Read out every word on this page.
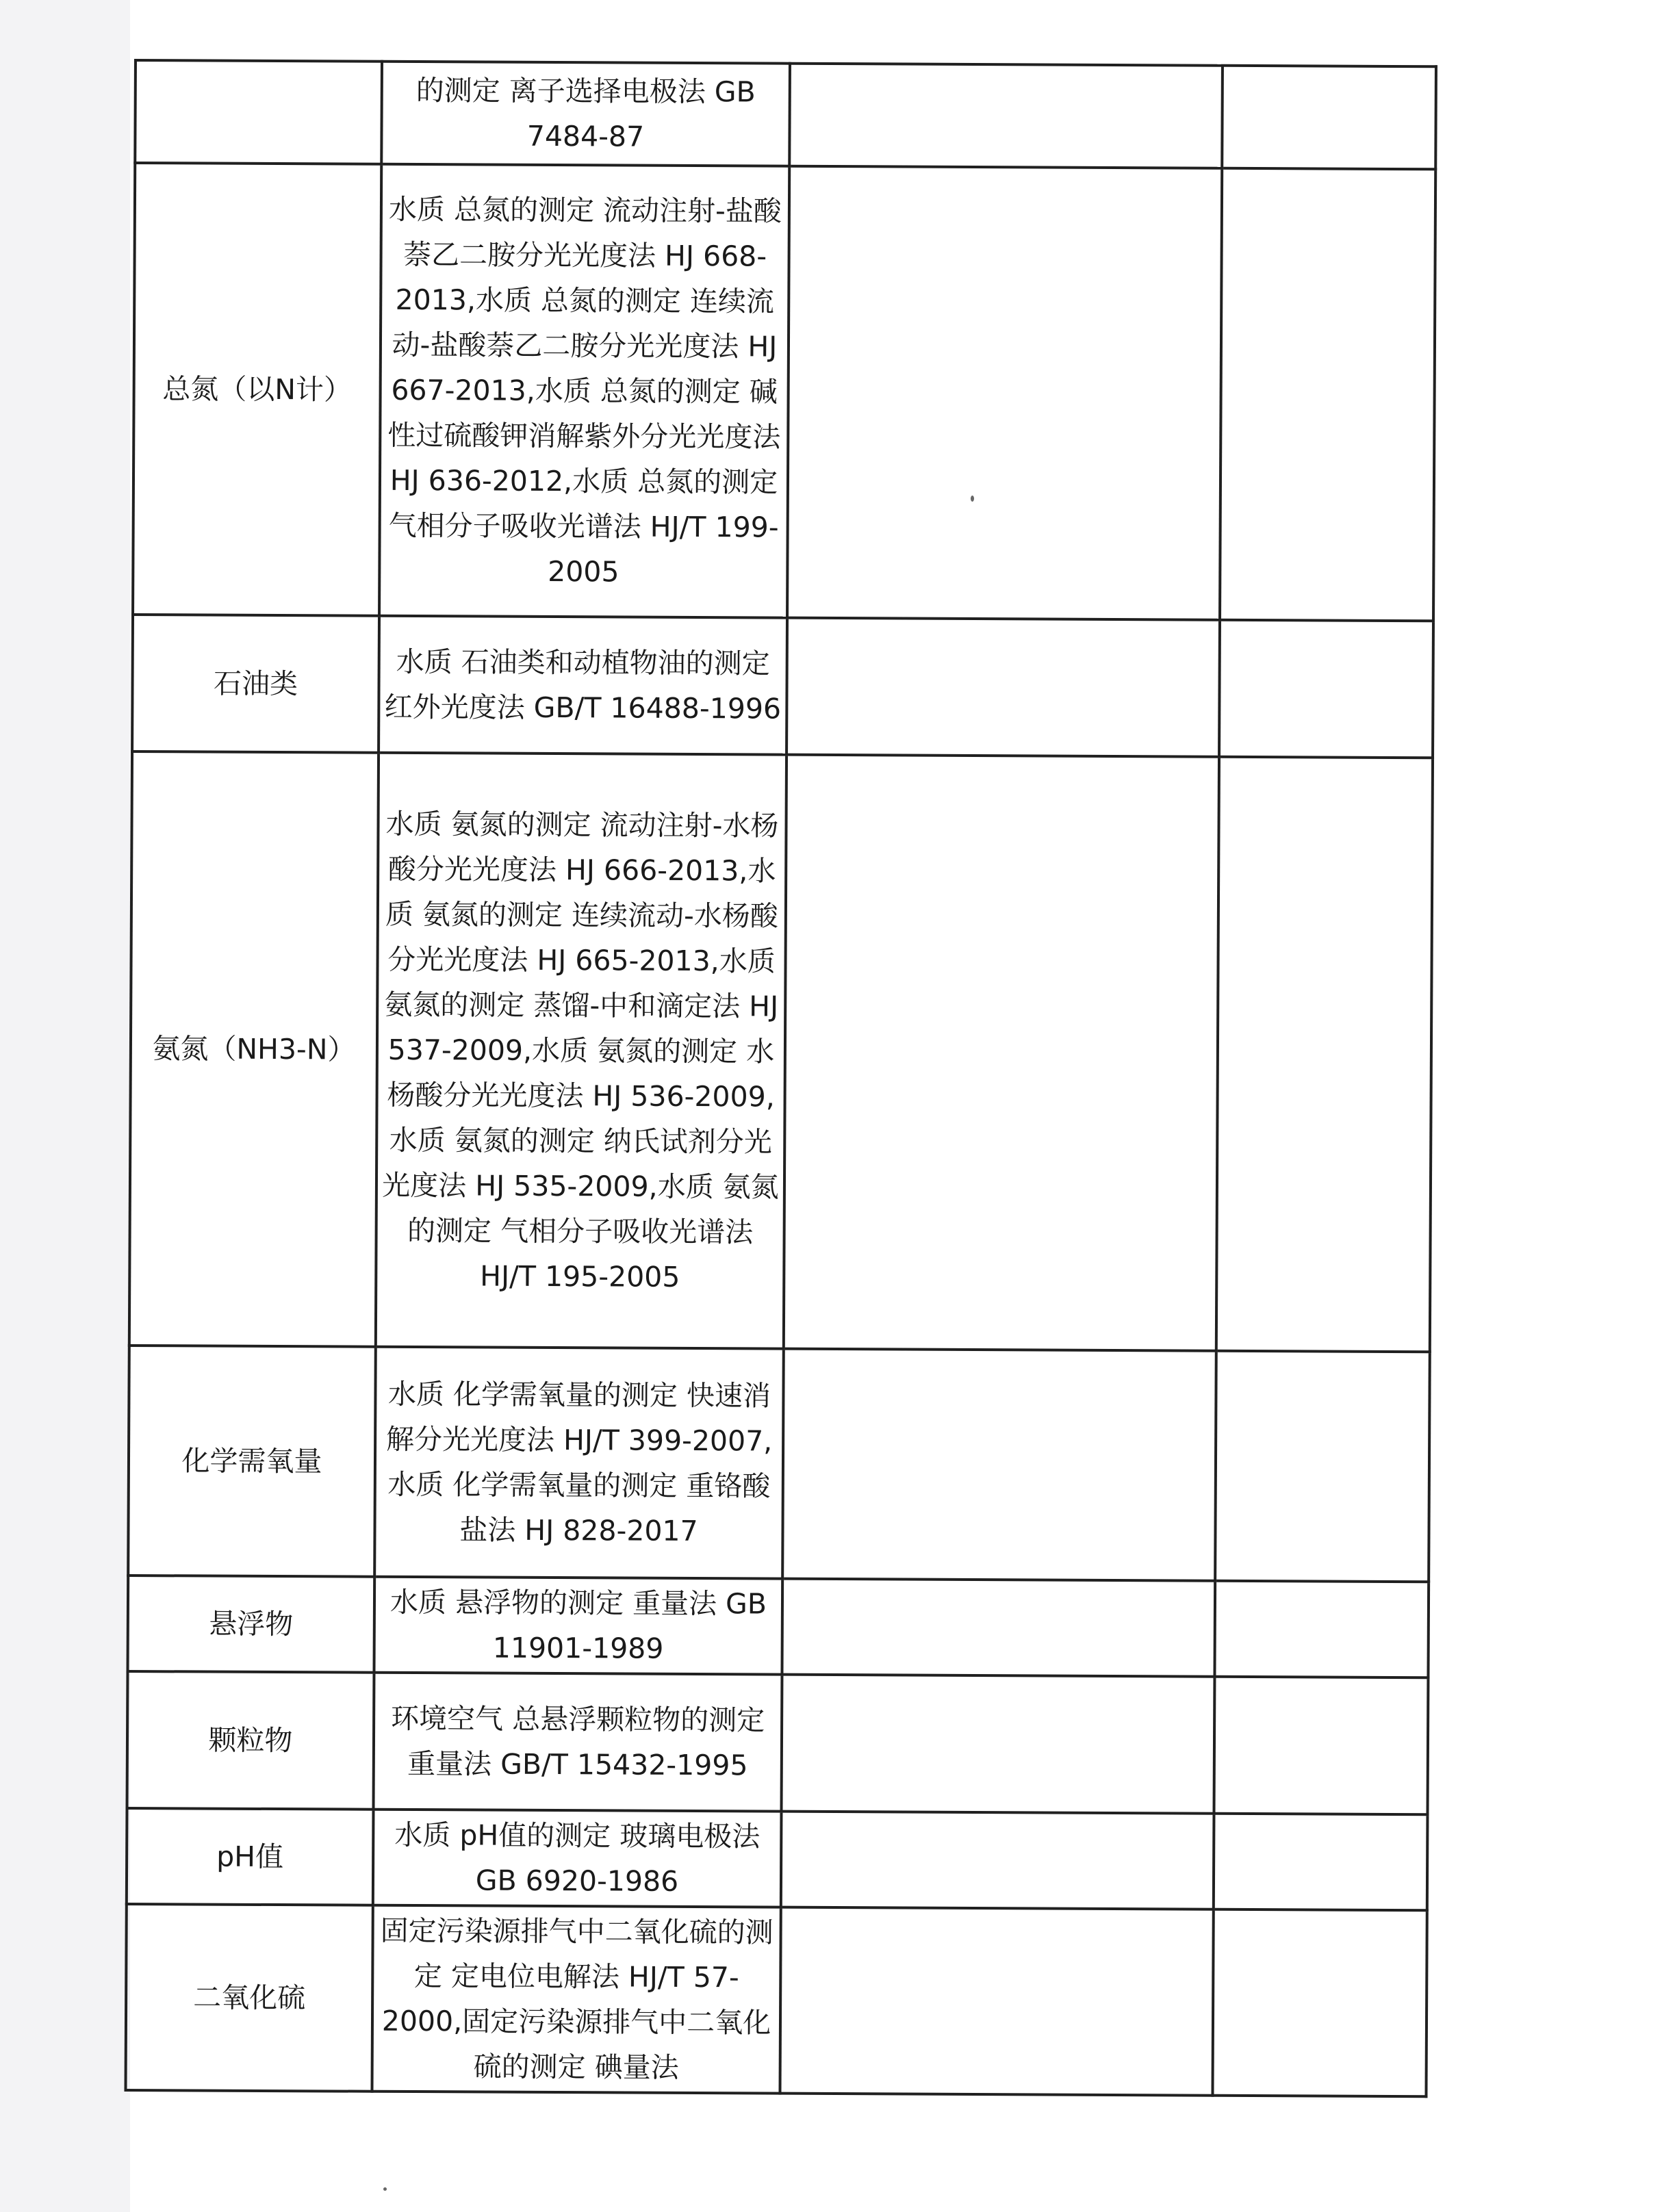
	的测定 离子选择电极法 GB 7484-87		
总氮（以N计）	水质 总氮的测定 流动注射-盐酸萘乙二胺分光光度法 HJ 668-2013,水质 总氮的测定 连续流动-盐酸萘乙二胺分光光度法 HJ 667-2013,水质 总氮的测定 碱性过硫酸钾消解紫外分光光度法 HJ 636-2012,水质 总氮的测定 气相分子吸收光谱法 HJ/T 199-2005		
石油类	水质 石油类和动植物油的测定 红外光度法 GB/T 16488-1996		
氨氮（NH3-N）	水质 氨氮的测定 流动注射-水杨酸分光光度法 HJ 666-2013,水质 氨氮的测定 连续流动-水杨酸分光光度法 HJ 665-2013,水质 氨氮的测定 蒸馏-中和滴定法 HJ 537-2009,水质 氨氮的测定 水杨酸分光光度法 HJ 536-2009,水质 氨氮的测定 纳氏试剂分光光度法 HJ 535-2009,水质 氨氮的测定 气相分子吸收光谱法 HJ/T 195-2005		
化学需氧量	水质 化学需氧量的测定 快速消解分光光度法 HJ/T 399-2007,水质 化学需氧量的测定 重铬酸盐法 HJ 828-2017		
悬浮物	水质 悬浮物的测定 重量法 GB 11901-1989		
颗粒物	环境空气 总悬浮颗粒物的测定 重量法 GB/T 15432-1995		
pH值	水质 pH值的测定 玻璃电极法 GB 6920-1986		
二氧化硫	固定污染源排气中二氧化硫的测定 定电位电解法 HJ/T 57-2000,固定污染源排气中二氧化硫的测定 碘量法		
